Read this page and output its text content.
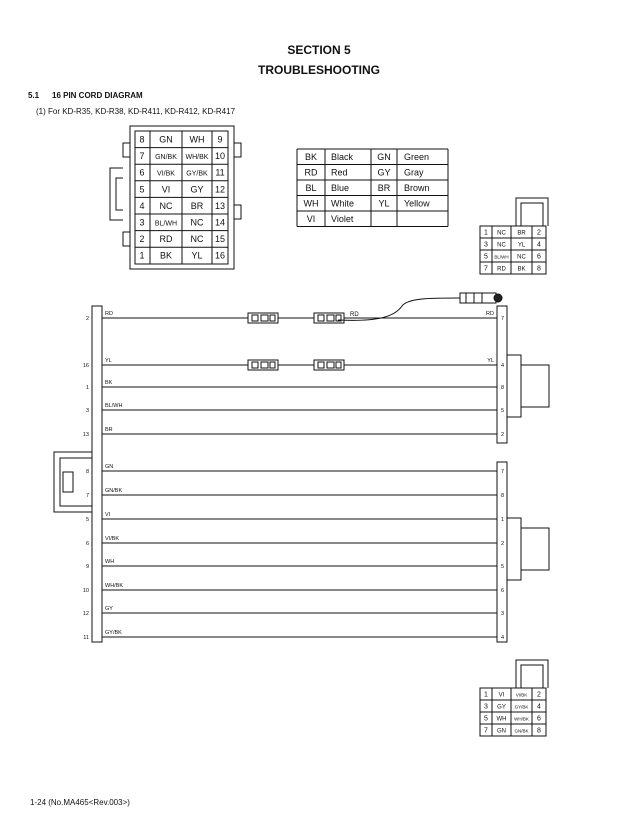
SECTION 5
TROUBLESHOOTING
5.1 16 PIN CORD DIAGRAM
(1) For KD-R35, KD-R38, KD-R411, KD-R412, KD-R417
8 GN WH 9
7 GN/BK WH/BK 10
6 VI/BK GY/BK 11
5 VI GY 12
4 NC BR 13
3 BL/WH NC 14
2 RD NC 15
1 BK YL 16
BK Black	GN Green
RD Red	GY Gray
BL Blue	BR Brown
WH White	YL Yellow
VI Violet
1 NC BR 2
3 NC YL 4
5 BL/WH NC 6
7 RD BK 8
1 VI	VI/BK 2
3 GY GY/BK 4
5 WH WH/BK 6
7 GN GN/BK 8
2
RD	RD
7
16
YL	YL
4
1
BK
8
3
BL/WH
5
13
BR
2
8
GN
7
7
GN/BK
8
5
VI
1
6
VI/BK
2
9
WH
5
10
WH/BK
6
12
GY
3
11
GY/BK
4
RD
1-24 (No.MA465<Rev.003>)
